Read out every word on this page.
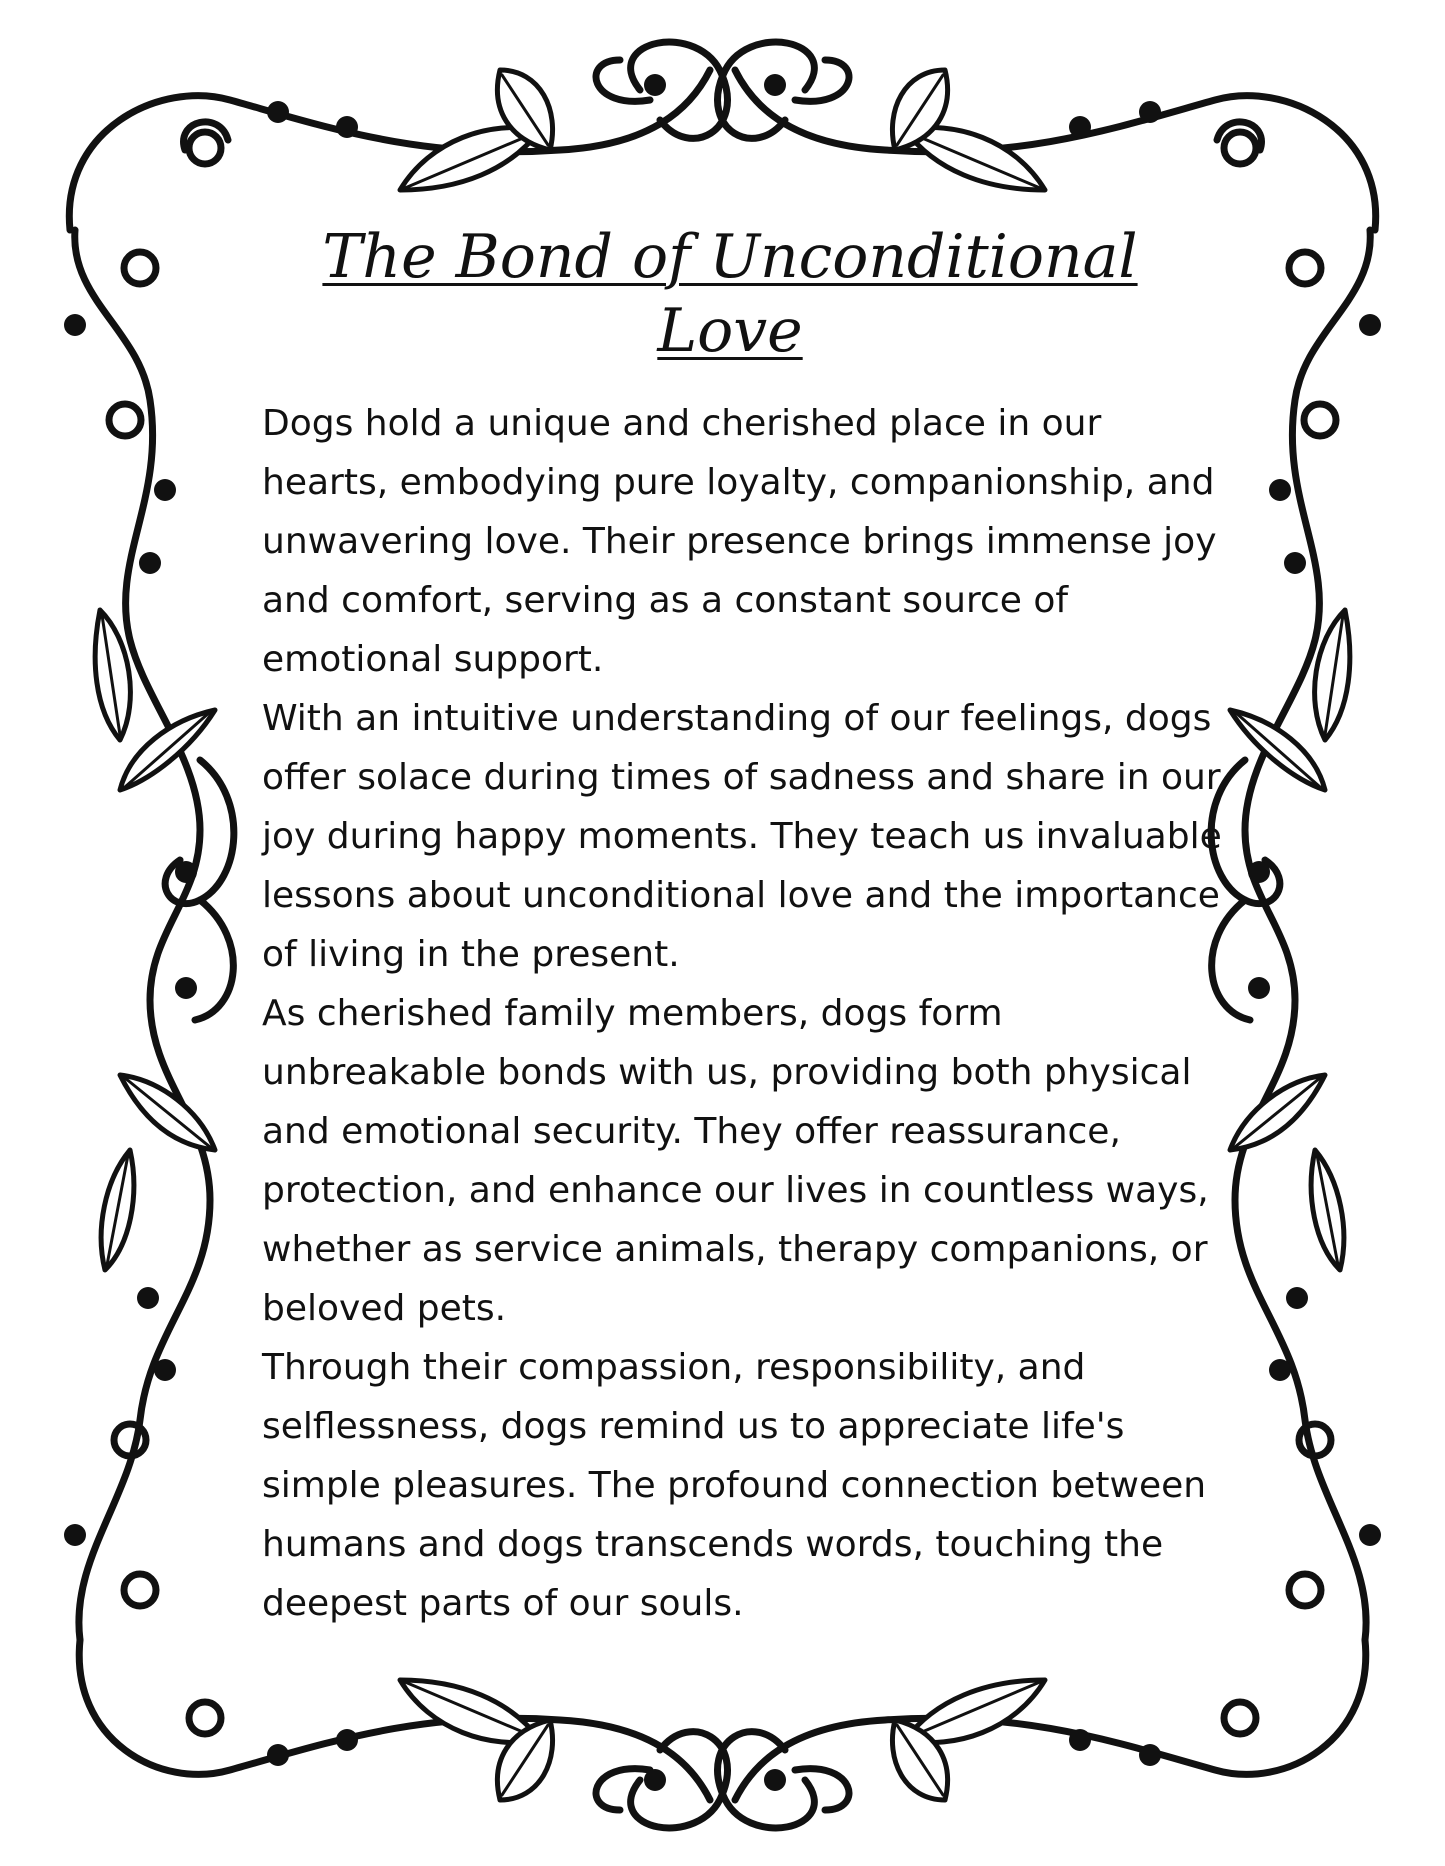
The Bond of Unconditional Love

Dogs hold a unique and cherished place in our hearts, embodying pure loyalty, companionship, and unwavering love. Their presence brings immense joy and comfort, serving as a constant source of emotional support.

With an intuitive understanding of our feelings, dogs offer solace during times of sadness and share in our joy during happy moments. They teach us invaluable lessons about unconditional love and the importance of living in the present.

As cherished family members, dogs form unbreakable bonds with us, providing both physical and emotional security. They offer reassurance, protection, and enhance our lives in countless ways, whether as service animals, therapy companions, or beloved pets.

Through their compassion, responsibility, and selflessness, dogs remind us to appreciate life's simple pleasures. The profound connection between humans and dogs transcends words, touching the deepest parts of our souls.
